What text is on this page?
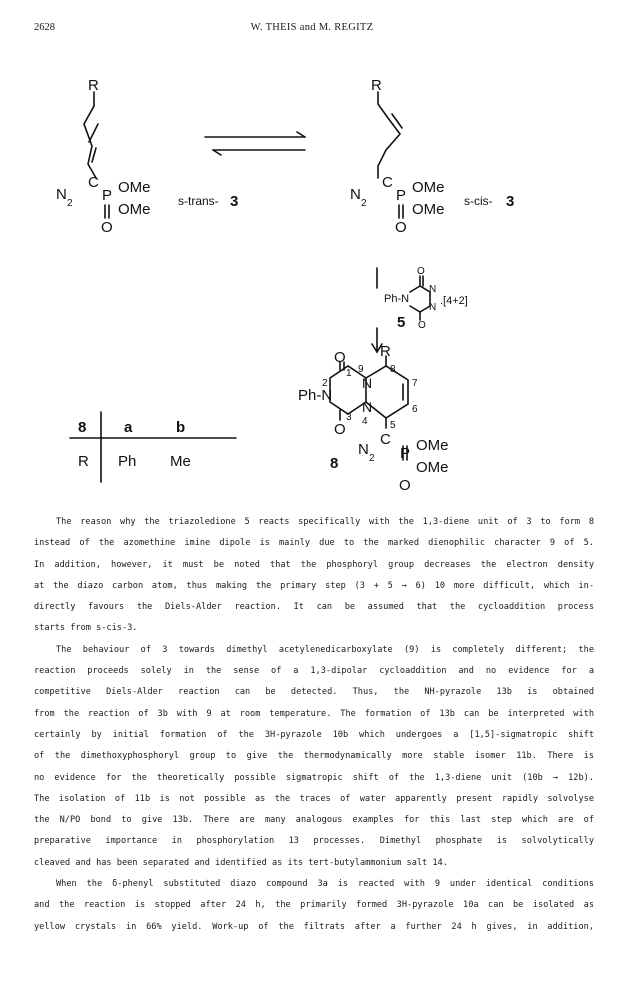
2628	W. THEIS and M. REGITZ
R
N
2
C
P OMe
OMe
O
s-trans- 3
R
N
2
C
P OMe
OMe
O
s-cis- 3
O
Ph-N
N
N
.[4+2]
5 O
O R
1 9	8
2 N	7
Ph-N
N	6
3 4 5
O
N
2
C
P OMe
OMe
8
O
8	a	b
R Ph Me

The reason why the triazoledione 5 reacts specifically with the 1,3-diene unit of 3 to form 8

instead of the azomethine imine dipole is mainly due to the marked dienophilic character 9 of 5.

In addition, however, it must be noted that the phosphoryl group decreases the electron density

at the diazo carbon atom, thus making the primary step (3 + 5 → 6) 10 more difficult, which in-

directly favours the Diels-Alder reaction. It can be assumed that the cycloaddition process

starts from s-cis-3.

The behaviour of 3 towards dimethyl acetylenedicarboxylate (9) is completely different; the

reaction proceeds solely in the sense of a 1,3-dipolar cycloaddition and no evidence for a

competitive Diels-Alder reaction can be detected. Thus, the NH-pyrazole 13b is obtained

from the reaction of 3b with 9 at room temperature. The formation of 13b can be interpreted with

certainly by initial formation of the 3H-pyrazole 10b which undergoes a [1,5]-sigmatropic shift

of the dimethoxyphosphoryl group to give the thermodynamically more stable isomer 11b. There is

no evidence for the theoretically possible sigmatropic shift of the 1,3-diene unit (10b → 12b).

The isolation of 11b is not possible as the traces of water apparently present rapidly solvolyse

the N/PO bond to give 13b. There are many analogous examples for this last step which are of

preparative importance in phosphorylation 13 processes. Dimethyl phosphate is solvolytically

cleaved and has been separated and identified as its tert-butylammonium salt 14.

When the δ-phenyl substituted diazo compound 3a is reacted with 9 under identical conditions

and the reaction is stopped after 24 h, the primarily formed 3H-pyrazole 10a can be isolated as

yellow crystals in 66% yield. Work-up of the filtrats after a further 24 h gives, in addition,
